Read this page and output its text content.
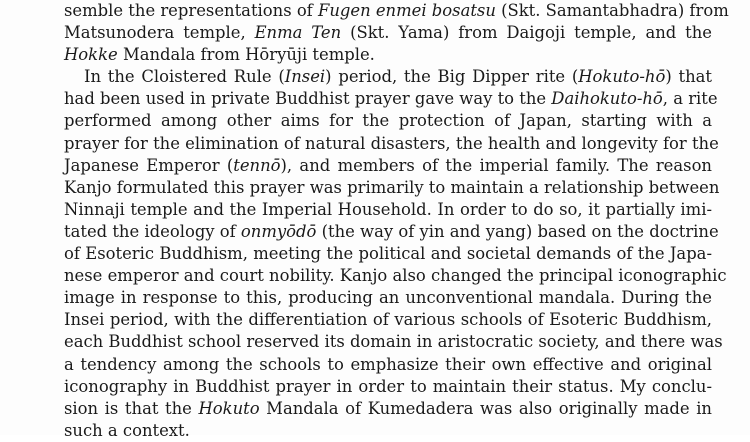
semble the representations of Fugen enmei bosatsu (Skt. Samantabhadra) from
Matsunodera temple, Enma Ten (Skt. Yama) from Daigoji temple, and the
Hokke Mandala from Hōryūji temple.
In the Cloistered Rule (Insei) period, the Big Dipper rite (Hokuto-hō) that
had been used in private Buddhist prayer gave way to the Daihokuto-hō, a rite
performed among other aims for the protection of Japan, starting with a
prayer for the elimination of natural disasters, the health and longevity for the
Japanese Emperor (tennō), and members of the imperial family. The reason
Kanjo formulated this prayer was primarily to maintain a relationship between
Ninnaji temple and the Imperial Household. In order to do so, it partially imi-
tated the ideology of onmyōdō (the way of yin and yang) based on the doctrine
of Esoteric Buddhism, meeting the political and societal demands of the Japa-
nese emperor and court nobility. Kanjo also changed the principal iconographic
image in response to this, producing an unconventional mandala. During the
Insei period, with the differentiation of various schools of Esoteric Buddhism,
each Buddhist school reserved its domain in aristocratic society, and there was
a tendency among the schools to emphasize their own effective and original
iconography in Buddhist prayer in order to maintain their status. My conclu-
sion is that the Hokuto Mandala of Kumedadera was also originally made in
such a context.
